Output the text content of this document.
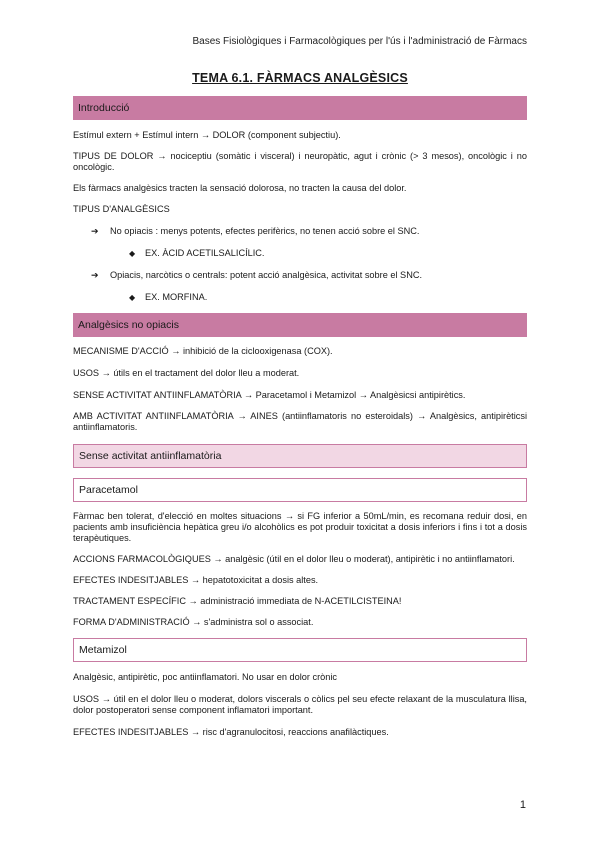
Bases Fisiològiques i Farmacològiques per l'ús i l'administració de Fàrmacs
TEMA 6.1. FÀRMACS ANALGÈSICS
Introducció

Estímul extern + Estímul intern → DOLOR (component subjectiu).

TIPUS DE DOLOR → nociceptiu (somàtic i visceral) i neuropàtic, agut i crònic (> 3 mesos), oncològic i no oncològic.

Els fàrmacs analgèsics tracten la sensació dolorosa, no tracten la causa del dolor.

TIPUS D'ANALGÈSICS

➔ No opiacis : menys potents, efectes perifèrics, no tenen acció sobre el SNC.
◆ EX. ÀCID ACETILSALICÍLIC.
➔ Opiacis, narcòtics o centrals: potent acció analgèsica, activitat sobre el SNC.
◆ EX. MORFINA.
Analgèsics no opiacis

MECANISME D'ACCIÓ → inhibició de la ciclooxigenasa (COX).

USOS → útils en el tractament del dolor lleu a moderat.

SENSE ACTIVITAT ANTIINFLAMATÒRIA → Paracetamol i Metamizol → Analgèsicsi antipirètics.

AMB ACTIVITAT ANTIINFLAMATÒRIA → AINES (antiinflamatoris no esteroidals) → Analgèsics, antipirèticsi antiinflamatoris.

Sense activitat antiinflamatòria
Paracetamol

Fàrmac ben tolerat, d'elecció en moltes situacions → si FG inferior a 50mL/min, es recomana reduir dosi, en pacients amb insuficiència hepàtica greu i/o alcohòlics es pot produir toxicitat a dosis inferiors i fins i tot a dosis terapèutiques.

ACCIONS FARMACOLÒGIQUES → analgèsic (útil en el dolor lleu o moderat), antipirètic i no antiinflamatori.

EFECTES INDESITJABLES → hepatotoxicitat a dosis altes.

TRACTAMENT ESPECÍFIC → administració immediata de N-ACETILCISTEINA!

FORMA D'ADMINISTRACIÓ → s'administra sol o associat.

Metamizol

Analgèsic, antipirètic, poc antiinflamatori. No usar en dolor crònic

USOS → útil en el dolor lleu o moderat, dolors viscerals o còlics pel seu efecte relaxant de la musculatura llisa, dolor postoperatori sense component inflamatori important.

EFECTES INDESITJABLES → risc d'agranulocitosi, reaccions anafilàctiques.

1
